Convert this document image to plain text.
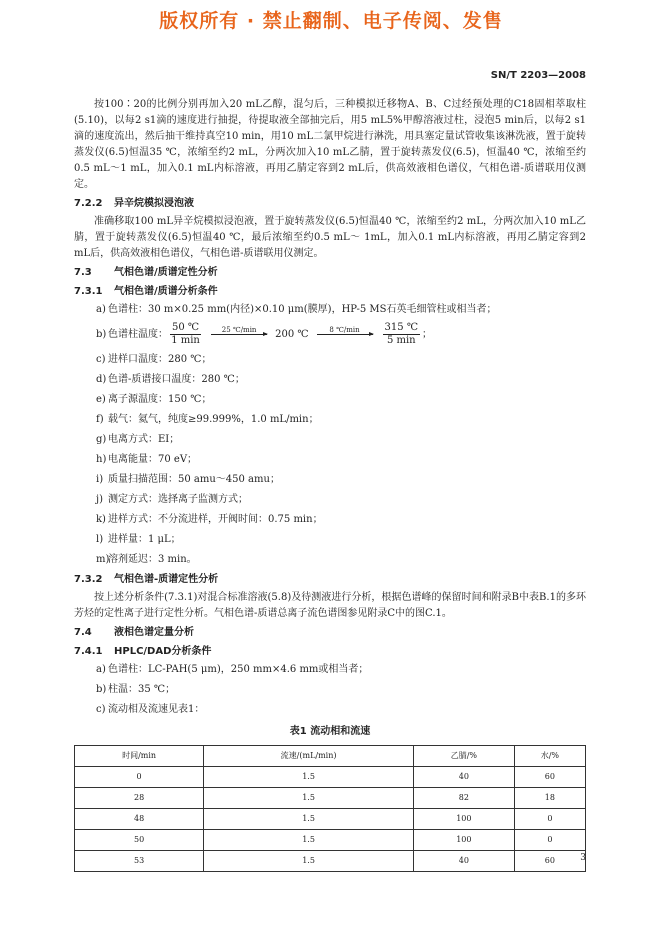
版权所有 · 禁止翻制、电子传阅、发售
SN/T 2203—2008

按100∶20的比例分别再加入20 mL乙醇，混匀后，三种模拟迁移物A、B、C过经预处理的C18固相萃取柱(5.10)，以每2 s1滴的速度进行抽提，待提取液全部抽完后，用5 mL5%甲醇溶液过柱，浸泡5 min后，以每2 s1滴的速度流出，然后抽干维持真空10 min，用10 mL二氯甲烷进行淋洗，用具塞定量试管收集该淋洗液，置于旋转蒸发仪(6.5)恒温35 ℃，浓缩至约2 mL，分两次加入10 mL乙腈，置于旋转蒸发仪(6.5)，恒温40 ℃，浓缩至约0.5 mL～1 mL，加入0.1 mL内标溶液，再用乙腈定容到2 mL后，供高效液相色谱仪，气相色谱-质谱联用仪测定。

7.2.2 异辛烷模拟浸泡液

准确移取100 mL异辛烷模拟浸泡液，置于旋转蒸发仪(6.5)恒温40 ℃，浓缩至约2 mL，分两次加入10 mL乙腈，置于旋转蒸发仪(6.5)恒温40 ℃，最后浓缩至约0.5 mL～ 1mL，加入0.1 mL内标溶液，再用乙腈定容到2 mL后，供高效液相色谱仪，气相色谱-质谱联用仪测定。

7.3 气相色谱/质谱定性分析
7.3.1 气相色谱/质谱分析条件
a) 色谱柱：30 m×0.25 mm(内径)×0.10 μm(膜厚)，HP-5 MS石英毛细管柱或相当者；
b) 色谱柱温度： $\frac{50 ℃}{1 \min}$	25 ℃/min
200 ℃	8 ℃/min
$\frac{315 ℃}{5 \min}$ ；
c) 进样口温度：280 ℃；
d) 色谱-质谱接口温度：280 ℃；
e) 离子源温度：150 ℃；
f) 载气：氦气，纯度≥99.999%，1.0 mL/min；
g) 电离方式：EI；
h) 电离能量：70 eV；
i) 质量扫描范围：50 amu～450 amu；
j) 测定方式：选择离子监测方式；
k) 进样方式：不分流进样，开阀时间：0.75 min；
l) 进样量：1 μL；
m)
溶剂延迟：3 min。
7.3.2 气相色谱-质谱定性分析

按上述分析条件(7.3.1)对混合标准溶液(5.8)及待测液进行分析，根据色谱峰的保留时间和附录B中表B.1的多环芳烃的定性离子进行定性分析。气相色谱-质谱总离子流色谱图参见附录C中的图C.1。

7.4 液相色谱定量分析
7.4.1 HPLC/DAD分析条件
a) 色谱柱：LC-PAH(5 μm)，250 mm×4.6 mm或相当者；
b) 柱温：35 ℃；
c) 流动相及流速见表1：
表1 流动相和流速
时间/min	流速/(mL/min)	乙腈/%	水/%
0	1.5	40	60
28	1.5	82	18
48	1.5	100	0
50	1.5	100	0
53	1.5	40	60	3
